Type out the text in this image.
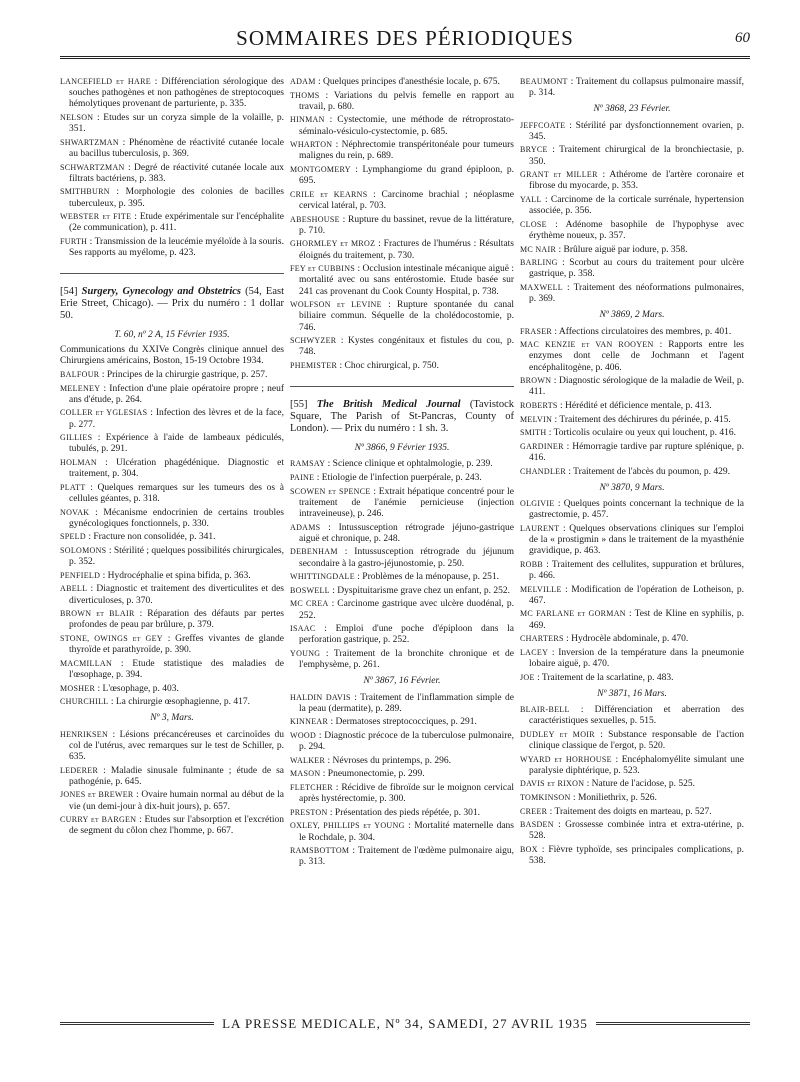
SOMMAIRES DES PÉRIODIQUES	60

LANCEFIELD et HARE : Différenciation sérologique des souches pathogènes et non pathogènes de streptocoques hémolytiques provenant de parturiente, p. 335.

NELSON : Etudes sur un coryza simple de la volaille, p. 351.

SHWARTZMAN : Phénomène de réactivité cutanée locale au bacillus tuberculosis, p. 369.

SCHWARTZMAN : Degré de réactivité cutanée locale aux filtrats bactériens, p. 383.

SMITHBURN : Morphologie des colonies de bacilles tuberculeux, p. 395.

WEBSTER et FITE : Etude expérimentale sur l'encéphalite (2e communication), p. 411.

FURTH : Transmission de la leucémie myéloïde à la souris. Ses rapports au myélome, p. 423.

[54] Surgery, Gynecology and Obstetrics (54, East Erie Street, Chicago). — Prix du numéro : 1 dollar 50.
T. 60, nº 2 A, 15 Février 1935.
Communications du XXIVe Congrès clinique annuel des Chirurgiens américains, Boston, 15-19 Octobre 1934.

BALFOUR : Principes de la chirurgie gastrique, p. 257.

MELENEY : Infection d'une plaie opératoire propre ; neuf ans d'étude, p. 264.

COLLER et YGLESIAS : Infection des lèvres et de la face, p. 277.

GILLIES : Expérience à l'aide de lambeaux pédiculés, tubulés, p. 291.

HOLMAN : Ulcération phagédénique. Diagnostic et traitement, p. 304.

PLATT : Quelques remarques sur les tumeurs des os à cellules géantes, p. 318.

NOVAK : Mécanisme endocrinien de certains troubles gynécologiques fonctionnels, p. 330.

SPELD : Fracture non consolidée, p. 341.

SOLOMONS : Stérilité ; quelques possibilités chirurgicales, p. 352.

PENFIELD : Hydrocéphalie et spina bifida, p. 363.

ABELL : Diagnostic et traitement des diverticulites et des diverticuloses, p. 370.

BROWN et BLAIR : Réparation des défauts par pertes profondes de peau par brûlure, p. 379.

STONE, OWINGS et GEY : Greffes vivantes de glande thyroïde et parathyroïde, p. 390.

MACMILLAN : Etude statistique des maladies de l'œsophage, p. 394.

MOSHER : L'œsophage, p. 403.

CHURCHILL : La chirurgie œsophagienne, p. 417.

Nº 3, Mars.

HENRIKSEN : Lésions précancéreuses et carcinoïdes du col de l'utérus, avec remarques sur le test de Schiller, p. 635.

LEDERER : Maladie sinusale fulminante ; étude de sa pathogénie, p. 645.

JONES et BREWER : Ovaire humain normal au début de la vie (un demi-jour à dix-huit jours), p. 657.

CURRY et BARGEN : Etudes sur l'absorption et l'excrétion de segment du côlon chez l'homme, p. 667.

ADAM : Quelques principes d'anesthésie locale, p. 675.

THOMS : Variations du pelvis femelle en rapport au travail, p. 680.

HINMAN : Cystectomie, une méthode de rétroprostato-séminalo-vésiculo-cystectomie, p. 685.

WHARTON : Néphrectomie transpéritonéale pour tumeurs malignes du rein, p. 689.

MONTGOMERY : Lymphangiome du grand épiploon, p. 695.

CRILE et KEARNS : Carcinome brachial ; néoplasme cervical latéral, p. 703.

ABESHOUSE : Rupture du bassinet, revue de la littérature, p. 710.

GHORMLEY et MROZ : Fractures de l'humérus : Résultats éloignés du traitement, p. 730.

FEY et CUBBINS : Occlusion intestinale mécanique aiguë : mortalité avec ou sans entérostomie. Etude basée sur 241 cas provenant du Cook County Hospital, p. 738.

WOLFSON et LEVINE : Rupture spontanée du canal biliaire commun. Séquelle de la cholédocostomie, p. 746.

SCHWYZER : Kystes congénitaux et fistules du cou, p. 748.

PHEMISTER : Choc chirurgical, p. 750.

[55] The British Medical Journal (Tavistock Square, The Parish of St-Pancras, County of London). — Prix du numéro : 1 sh. 3.
Nº 3866, 9 Février 1935.

RAMSAY : Science clinique et ophtalmologie, p. 239.

PAINE : Etiologie de l'infection puerpérale, p. 243.

SCOWEN et SPENCE : Extrait hépatique concentré pour le traitement de l'anémie pernicieuse (injection intraveineuse), p. 246.

ADAMS : Intussusception rétrograde jéjuno-gastrique aiguë et chronique, p. 248.

DEBENHAM : Intussusception rétrograde du jéjunum secondaire à la gastro-jéjunostomie, p. 250.

WHITTINGDALE : Problèmes de la ménopause, p. 251.

BOSWELL : Dyspituitarisme grave chez un enfant, p. 252.

MC CREA : Carcinome gastrique avec ulcère duodénal, p. 252.

ISAAC : Emploi d'une poche d'épiploon dans la perforation gastrique, p. 252.

YOUNG : Traitement de la bronchite chronique et de l'emphysème, p. 261.

Nº 3867, 16 Février.

HALDIN DAVIS : Traitement de l'inflammation simple de la peau (dermatite), p. 289.

KINNEAR : Dermatoses streptococciques, p. 291.

WOOD : Diagnostic précoce de la tuberculose pulmonaire, p. 294.

WALKER : Névroses du printemps, p. 296.

MASON : Pneumonectomie, p. 299.

FLETCHER : Récidive de fibroïde sur le moignon cervical après hystérectomie, p. 300.

PRESTON : Présentation des pieds répétée, p. 301.

OXLEY, PHILLIPS et YOUNG : Mortalité maternelle dans le Rochdale, p. 304.

RAMSBOTTOM : Traitement de l'œdème pulmonaire aigu, p. 313.

BEAUMONT : Traitement du collapsus pulmonaire massif, p. 314.

Nº 3868, 23 Février.

JEFFCOATE : Stérilité par dysfonctionnement ovarien, p. 345.

BRYCE : Traitement chirurgical de la bronchiectasie, p. 350.

GRANT et MILLER : Athérome de l'artère coronaire et fibrose du myocarde, p. 353.

YALL : Carcinome de la corticale surrénale, hypertension associée, p. 356.

CLOSE : Adénome basophile de l'hypophyse avec érythème noueux, p. 357.

MC NAIR : Brûlure aiguë par iodure, p. 358.

BARLING : Scorbut au cours du traitement pour ulcère gastrique, p. 358.

MAXWELL : Traitement des néoformations pulmonaires, p. 369.

Nº 3869, 2 Mars.

FRASER : Affections circulatoires des membres, p. 401.

MAC KENZIE et VAN ROOYEN : Rapports entre les enzymes dont celle de Jochmann et l'agent encéphalitogène, p. 406.

BROWN : Diagnostic sérologique de la maladie de Weil, p. 411.

ROBERTS : Hérédité et déficience mentale, p. 413.

MELVIN : Traitement des déchirures du périnée, p. 415.

SMITH : Torticolis oculaire ou yeux qui louchent, p. 416.

GARDINER : Hémorragie tardive par rupture splénique, p. 416.

CHANDLER : Traitement de l'abcès du poumon, p. 429.

Nº 3870, 9 Mars.

OLGIVIE : Quelques points concernant la technique de la gastrectomie, p. 457.

LAURENT : Quelques observations cliniques sur l'emploi de la « prostigmin » dans le traitement de la myasthénie gravidique, p. 463.

ROBB : Traitement des cellulites, suppuration et brûlures, p. 466.

MELVILLE : Modification de l'opération de Lotheison, p. 467.

MC FARLANE et GORMAN : Test de Kline en syphilis, p. 469.

CHARTERS : Hydrocèle abdominale, p. 470.

LACEY : Inversion de la température dans la pneumonie lobaire aiguë, p. 470.

JOE : Traitement de la scarlatine, p. 483.

Nº 3871, 16 Mars.

BLAIR-BELL : Différenciation et aberration des caractéristiques sexuelles, p. 515.

DUDLEY et MOIR : Substance responsable de l'action clinique classique de l'ergot, p. 520.

WYARD et HORHOUSE : Encéphalomyélite simulant une paralysie diphtérique, p. 523.

DAVIS et RIXON : Nature de l'acidose, p. 525.

TOMKINSON : Moniliethrix, p. 526.

CREER : Traitement des doigts en marteau, p. 527.

BASDEN : Grossesse combinée intra et extra-utérine, p. 528.

BOX : Fièvre typhoïde, ses principales complications, p. 538.

LA PRESSE MEDICALE, Nº 34, SAMEDI, 27 AVRIL 1935
